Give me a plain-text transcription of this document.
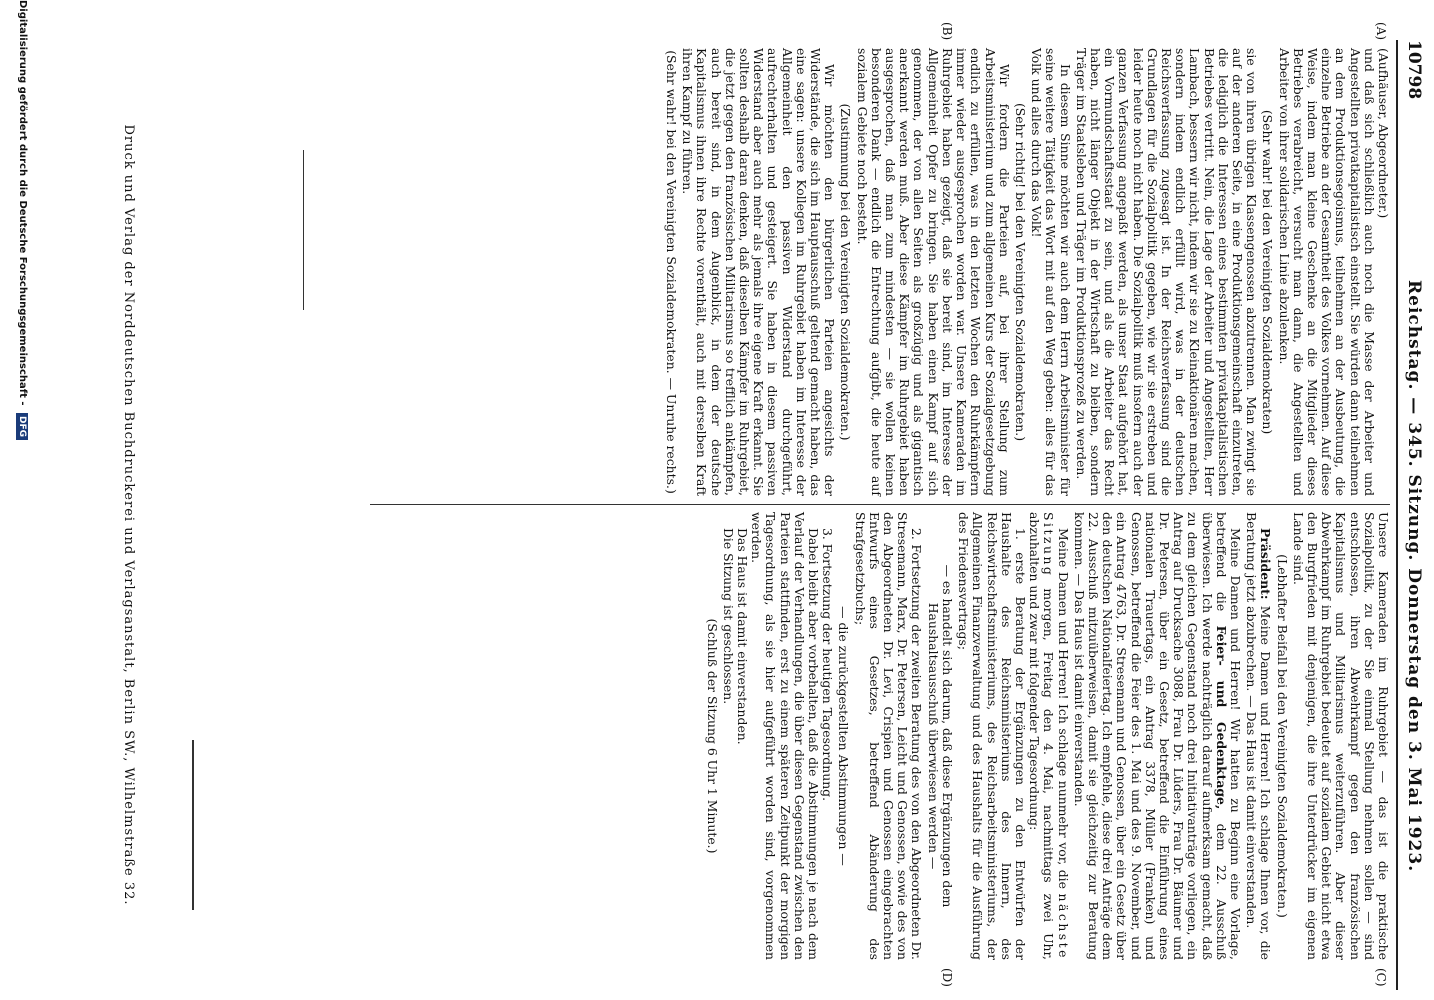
10798
Reichstag. — 345. Sitzung. Donnerstag den 3. Mai 1923.
(A)
(B)
(C)
(D)

(Aufhäuser, Abgeordneter.)

und daß sich schließlich auch noch die Masse der Arbeiter und Angestellten privatkapitalistisch einstellt. Sie würden dann teilnehmen an dem Produktionsegoismus, teilnehmen an der Ausbeutung, die einzelne Betriebe an der Gesamtheit des Volkes vornehmen. Auf diese Weise, indem man kleine Geschenke an die Mitglieder dieses Betriebes verabreicht, versucht man dann, die Angestellten und Arbeiter von ihrer solidarischen Linie abzulenken.

(Sehr wahr! bei den Vereinigten Sozialdemokraten)

sie von ihren übrigen Klassengenossen abzutrennen. Man zwingt sie auf der anderen Seite, in eine Produktionsgemeinschaft einzutreten, die lediglich die Interessen eines bestimmten privatkapitalistischen Betriebes vertritt. Nein, die Lage der Arbeiter und Angestellten, Herr Lambach, bessern wir nicht, indem wir sie zu Kleinaktionären machen, sondern indem endlich erfüllt wird, was in der deutschen Reichsverfassung zugesagt ist. In der Reichsverfassung sind die Grundlagen für die Sozialpolitik gegeben, wie wir sie erstreben und leider heute noch nicht haben. Die Sozialpolitik muß insofern auch der ganzen Verfassung angepaßt werden, als unser Staat aufgehört hat, ein Vormundschaftsstaat zu sein, und als die Arbeiter das Recht haben, nicht länger Objekt in der Wirtschaft zu bleiben, sondern Träger im Staatsleben und Träger im Produktionsprozeß zu werden.

In diesem Sinne möchten wir auch dem Herrn Arbeitsminister für seine weitere Tätigkeit das Wort mit auf den Weg geben: alles für das Volk und alles durch das Volk!

(Sehr richtig! bei den Vereinigten Sozialdemokraten.)

Wir fordern die Parteien auf, bei ihrer Stellung zum Arbeitsministerium und zum allgemeinen Kurs der Sozialgesetzgebung endlich zu erfüllen, was in den letzten Wochen den Ruhrkämpfern immer wieder ausgesprochen worden war. Unsere Kameraden im Ruhrgebiet haben gezeigt, daß sie bereit sind, im Interesse der Allgemeinheit Opfer zu bringen. Sie haben einen Kampf auf sich genommen, der von allen Seiten als großzügig und als gigantisch anerkannt werden muß. Aber diese Kämpfer im Ruhrgebiet haben ausgesprochen, daß man zum mindesten — sie wollen keinen besonderen Dank — endlich die Entrechtung aufgibt, die heute auf sozialem Gebiete noch besteht.

(Zustimmung bei den Vereinigten Sozialdemokraten.)

Wir möchten den bürgerlichen Parteien angesichts der Widerstände, die sich im Hauptausschuß geltend gemacht haben, das eine sagen: unsere Kollegen im Ruhrgebiet haben im Interesse der Allgemeinheit den passiven Widerstand durchgeführt, aufrechterhalten und gesteigert. Sie haben in diesem passiven Widerstand aber auch mehr als jemals ihre eigene Kraft erkannt. Sie sollten deshalb daran denken, daß dieselben Kämpfer im Ruhrgebiet, die jetzt gegen den französischen Militarismus so trefflich ankämpfen, auch bereit sind, in dem Augenblick, in dem der deutsche Kapitalismus ihnen ihre Rechte vorenthält, auch mit derselben Kraft ihren Kampf zu führen.

(Sehr wahr! bei den Vereinigten Sozialdemokraten. — Unruhe rechts.)

Unsere Kameraden im Ruhrgebiet — das ist die praktische Sozialpolitik, zu der Sie einmal Stellung nehmen sollen — sind entschlossen, ihren Abwehrkampf gegen den französischen Kapitalismus und Militarismus weiterzuführen. Aber dieser Abwehrkampf im Ruhrgebiet bedeutet auf sozialem Gebiet nicht etwa den Burgfrieden mit denjenigen, die ihre Unterdrücker im eigenen Lande sind.

(Lebhafter Beifall bei den Vereinigten Sozialdemokraten.)

Präsident: Meine Damen und Herren! Ich schlage Ihnen vor, die Beratung jetzt abzubrechen. — Das Haus ist damit einverstanden.

Meine Damen und Herren! Wir hatten zu Beginn eine Vorlage, betreffend die Feier- und Gedenktage, dem 22. Ausschuß überwiesen. Ich werde nachträglich darauf aufmerksam gemacht, daß zu dem gleichen Gegenstand noch drei Initiativanträge vorliegen, ein Antrag auf Drucksache 3088, Frau Dr. Lüders, Frau Dr. Bäumer und Dr. Petersen, über ein Gesetz, betreffend die Einführung eines nationalen Trauertags, ein Antrag 3378, Müller (Franken) und Genossen, betreffend die Feier des 1. Mai und des 9. November, und ein Antrag 4763, Dr. Stresemann und Genossen, über ein Gesetz über den deutschen Nationalfeiertag. Ich empfehle, diese drei Anträge dem 22. Ausschuß mitzuüberweisen, damit sie gleichzeitig zur Beratung kommen. — Das Haus ist damit einverstanden.

Meine Damen und Herren! Ich schlage nunmehr vor, die nächste Sitzung morgen, Freitag den 4. Mai, nachmittags zwei Uhr, abzuhalten und zwar mit folgender Tagesordnung:

1. erste Beratung der Ergänzungen zu den Entwürfen der Haushalte des Reichsministeriums des Innern, des Reichswirtschaftsministeriums, des Reichsarbeitsministeriums, der Allgemeinen Finanzverwaltung und des Haushalts für die Ausführung des Friedensvertrags;

— es handelt sich darum, daß diese Ergänzungen dem Haushaltsausschuß überwiesen werden —

2. Fortsetzung der zweiten Beratung des von den Abgeordneten Dr. Stresemann, Marx, Dr. Petersen, Leicht und Genossen, sowie des von den Abgeordneten Dr. Levi, Crispien und Genossen eingebrachten Entwurfs eines Gesetzes, betreffend Abänderung des Strafgesetzbuchs;

— die zurückgestellten Abstimmungen —

3. Fortsetzung der heutigen Tagesordnung.

Dabei bleibt aber vorbehalten, daß die Abstimmungen je nach dem Verlauf der Verhandlungen, die über diesen Gegenstand zwischen den Parteien stattfinden, erst zu einem späteren Zeitpunkt der morgigen Tagesordnung, als sie hier aufgeführt worden sind, vorgenommen werden.

Das Haus ist damit einverstanden.

Die Sitzung ist geschlossen.

(Schluß der Sitzung 6 Uhr 1 Minute.)

Druck und Verlag der Norddeutschen Buchdruckerei und Verlagsanstalt, Berlin SW., Wilhelmstraße 32.
Digitalisierung gefördert durch die Deutsche Forschungsgemeinschaft - DFG
